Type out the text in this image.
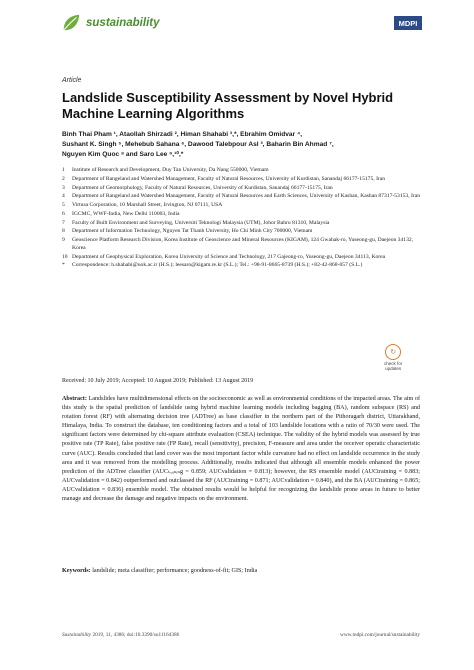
sustainability	MDPI
Article
Landslide Susceptibility Assessment by Novel Hybrid Machine Learning Algorithms
Binh Thai Pham ¹, Ataollah Shirzadi ², Himan Shahabi ³,*, Ebrahim Omidvar ⁴,
Sushant K. Singh ⁵, Mehebub Sahana ⁶, Dawood Talebpour Asl ³, Baharin Bin Ahmad ⁷,
Nguyen Kim Quoc ⁸ and Saro Lee ⁹,¹⁰,*
1	Institute of Research and Development, Duy Tan University, Da Nang 550000, Vietnam
2	Department of Rangeland and Watershed Management, Faculty of Natural Resources, University of Kurdistan, Sanandaj 66177-15175, Iran
3	Department of Geomorphology, Faculty of Natural Resources, University of Kurdistan, Sanandaj 66177-15175, Iran
4	Department of Rangeland and Watershed Management, Faculty of Natural Resources and Earth Sciences, University of Kashan, Kashan 87317-53153, Iran
5	Virtusa Corporation, 10 Marshall Street, Irvington, NJ 07111, USA
6	IGCMC, WWF-India, New Delhi 110003, India
7	Faculty of Built Environment and Surveying, Universiti Teknologi Malaysia (UTM), Johor Bahru 81310, Malaysia
8	Department of Information Technology, Nguyen Tat Thanh University, Ho Chi Minh City 700000, Vietnam
9	Geoscience Platform Research Division, Korea Institute of Geoscience and Mineral Resources (KIGAM), 124 Gwahak-ro, Yuseong-gu, Daejeon 34132, Korea
10 Department of Geophysical Exploration, Korea University of Science and Technology, 217 Gajeong-ro, Yuseong-gu, Daejeon 34113, Korea
*	Correspondence: h.shahabi@uok.ac.ir (H.S.); leesaro@kigam.re.kr (S.L.); Tel.: +98-91-8665-8739 (H.S.); +82-42-868-057 (S.L.)
↻
check for
updates
Received: 10 July 2019; Accepted: 10 August 2019; Published: 13 August 2019
Abstract: Landslides have multidimensional effects on the socioeconomic as well as environmental conditions of the impacted areas. The aim of this study is the spatial prediction of landslide using hybrid machine learning models including bagging (BA), random subspace (RS) and rotation forest (RF) with alternating decision tree (ADTree) as base classifier in the northern part of the Pithoragarh district, Uttarakhand, Himalaya, India. To construct the database, ten conditioning factors and a total of 103 landslide locations with a ratio of 70/30 were used. The significant factors were determined by chi-square attribute evaluation (CSEA) technique. The validity of the hybrid models was assessed by true positive rate (TP Rate), false positive rate (FP Rate), recall (sensitivity), precision, F-measure and area under the receiver operatic characteristic curve (AUC). Results concluded that land cover was the most important factor while curvature had no effect on landslide occurrence in the study area and it was removed from the modelling process. Additionally, results indicated that although all ensemble models enhanced the power prediction of the ADTree classifier (AUCₜᵣₐᵢₙᵢₙg = 0.859; AUCvalidation = 0.813); however, the RS ensemble model (AUCtraining = 0.883; AUCvalidation = 0.842) outperformed and outclassed the RF (AUCtraining = 0.871; AUCvalidation = 0.840), and the BA (AUCtraining = 0.865; AUCvalidation = 0.836) ensemble model. The obtained results would be helpful for recognizing the landslide prone areas in future to better manage and decrease the damage and negative impacts on the environment.
Keywords: landslide; meta classifier; performance; goodness-of-fit; GIS; India
Sustainability 2019, 11, 4386; doi:10.3390/su11164386	www.mdpi.com/journal/sustainability
